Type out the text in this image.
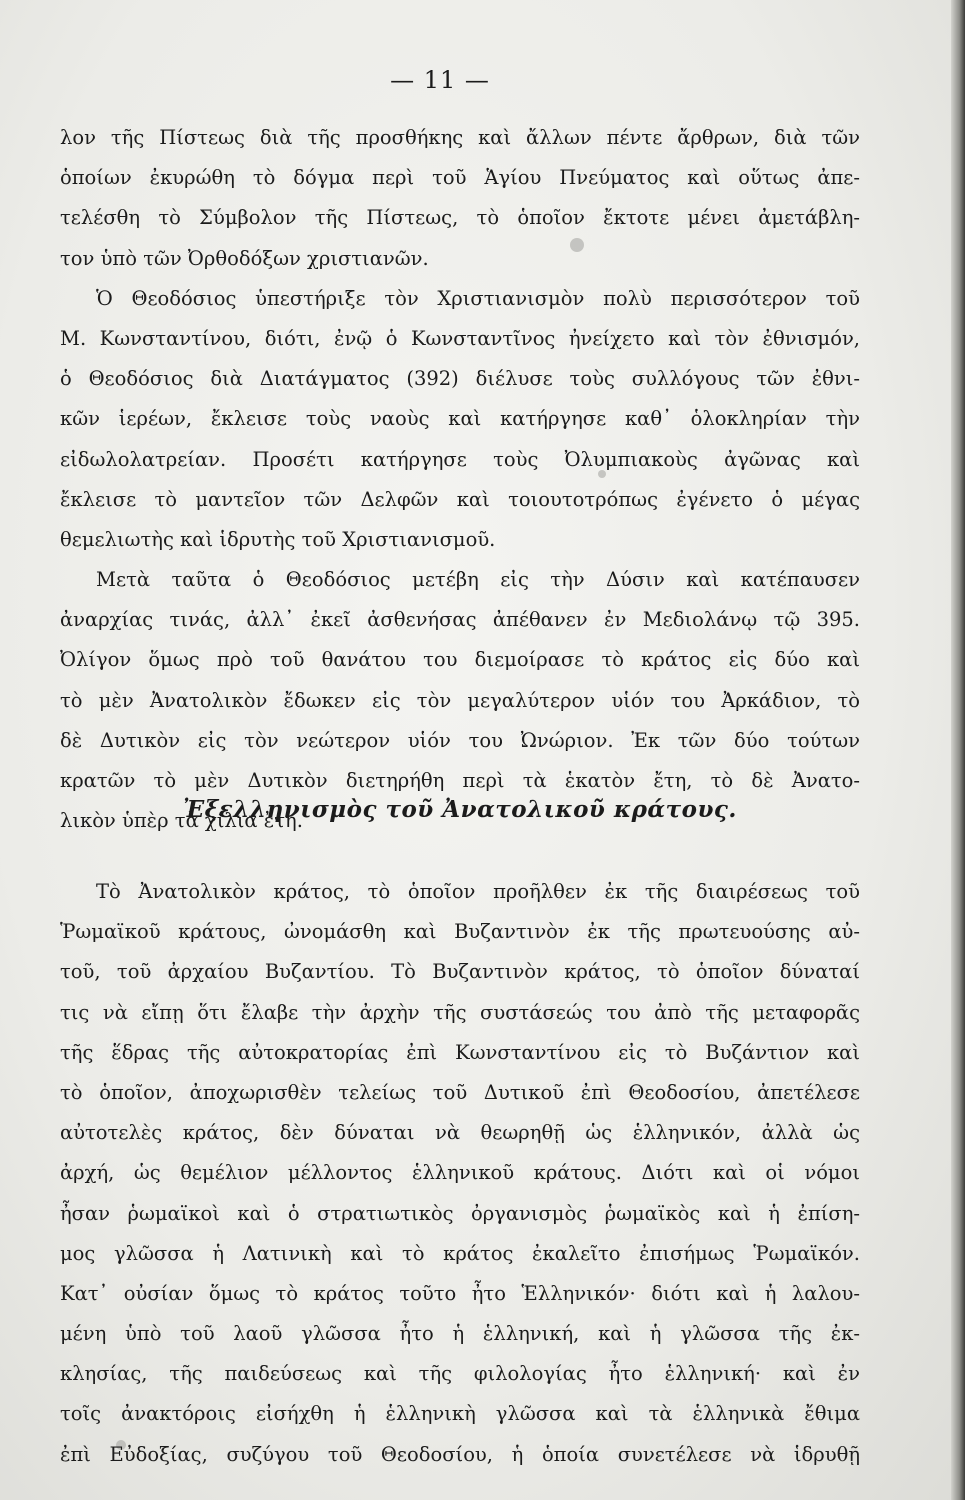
— 11 —
λον τῆς Πίστεως διὰ τῆς προσθήκης καὶ ἄλλων πέντε ἄρθρων, διὰ τῶν
ὁποίων ἐκυρώθη τὸ δόγμα περὶ τοῦ Ἁγίου Πνεύματος καὶ οὕτως ἀπε-
τελέσθη τὸ Σύμβολον τῆς Πίστεως, τὸ ὁποῖον ἔκτοτε μένει ἀμετάβλη-
τον ὑπὸ τῶν Ὀρθοδόξων χριστιανῶν.
Ὁ Θεοδόσιος ὑπεστήριξε τὸν Χριστιανισμὸν πολὺ περισσότερον τοῦ
Μ. Κωνσταντίνου, διότι, ἐνῷ ὁ Κωνσταντῖνος ἠνείχετο καὶ τὸν ἐθνισμόν,
ὁ Θεοδόσιος διὰ Διατάγματος (392) διέλυσε τοὺς συλλόγους τῶν ἐθνι-
κῶν ἱερέων, ἔκλεισε τοὺς ναοὺς καὶ κατήργησε καθ᾽ ὁλοκληρίαν τὴν
εἰδωλολατρείαν. Προσέτι κατήργησε τοὺς Ὀλυμπιακοὺς ἀγῶνας καὶ
ἔκλεισε τὸ μαντεῖον τῶν Δελφῶν καὶ τοιουτοτρόπως ἐγένετο ὁ μέγας
θεμελιωτὴς καὶ ἱδρυτὴς τοῦ Χριστιανισμοῦ.
Μετὰ ταῦτα ὁ Θεοδόσιος μετέβη εἰς τὴν Δύσιν καὶ κατέπαυσεν
ἀναρχίας τινάς, ἀλλ᾽ ἐκεῖ ἀσθενήσας ἀπέθανεν ἐν Μεδιολάνῳ τῷ 395.
Ὀλίγον ὅμως πρὸ τοῦ θανάτου του διεμοίρασε τὸ κράτος εἰς δύο καὶ
τὸ μὲν Ἀνατολικὸν ἔδωκεν εἰς τὸν μεγαλύτερον υἱόν του Ἀρκάδιον, τὸ
δὲ Δυτικὸν εἰς τὸν νεώτερον υἱόν του Ὠνώριον. Ἐκ τῶν δύο τούτων
κρατῶν τὸ μὲν Δυτικὸν διετηρήθη περὶ τὰ ἑκατὸν ἔτη, τὸ δὲ Ἀνατο-
λικὸν ὑπὲρ τὰ χίλια ἔτη.
Ἐξελληνισμὸς τοῦ Ἀνατολικοῦ κράτους.
Τὸ Ἀνατολικὸν κράτος, τὸ ὁποῖον προῆλθεν ἐκ τῆς διαιρέσεως τοῦ
Ῥωμαϊκοῦ κράτους, ὠνομάσθη καὶ Βυζαντινὸν ἐκ τῆς πρωτευούσης αὐ-
τοῦ, τοῦ ἀρχαίου Βυζαντίου. Τὸ Βυζαντινὸν κράτος, τὸ ὁποῖον δύναταί
τις νὰ εἴπῃ ὅτι ἔλαβε τὴν ἀρχὴν τῆς συστάσεώς του ἀπὸ τῆς μεταφορᾶς
τῆς ἕδρας τῆς αὐτοκρατορίας ἐπὶ Κωνσταντίνου εἰς τὸ Βυζάντιον καὶ
τὸ ὁποῖον, ἀποχωρισθὲν τελείως τοῦ Δυτικοῦ ἐπὶ Θεοδοσίου, ἀπετέλεσε
αὐτοτελὲς κράτος, δὲν δύναται νὰ θεωρηθῇ ὡς ἑλληνικόν, ἀλλὰ ὡς
ἀρχή, ὡς θεμέλιον μέλλοντος ἑλληνικοῦ κράτους. Διότι καὶ οἱ νόμοι
ἦσαν ῥωμαϊκοὶ καὶ ὁ στρατιωτικὸς ὀργανισμὸς ῥωμαϊκὸς καὶ ἡ ἐπίση-
μος γλῶσσα ἡ Λατινικὴ καὶ τὸ κράτος ἐκαλεῖτο ἐπισήμως Ῥωμαϊκόν.
Κατ᾽ οὐσίαν ὅμως τὸ κράτος τοῦτο ἦτο Ἑλληνικόν· διότι καὶ ἡ λαλου-
μένη ὑπὸ τοῦ λαοῦ γλῶσσα ἦτο ἡ ἑλληνική, καὶ ἡ γλῶσσα τῆς ἐκ-
κλησίας, τῆς παιδεύσεως καὶ τῆς φιλολογίας ἦτο ἑλληνική· καὶ ἐν
τοῖς ἀνακτόροις εἰσήχθη ἡ ἑλληνικὴ γλῶσσα καὶ τὰ ἑλληνικὰ ἔθιμα
ἐπὶ Εὐδοξίας, συζύγου τοῦ Θεοδοσίου, ἡ ὁποία συνετέλεσε νὰ ἱδρυθῇ
